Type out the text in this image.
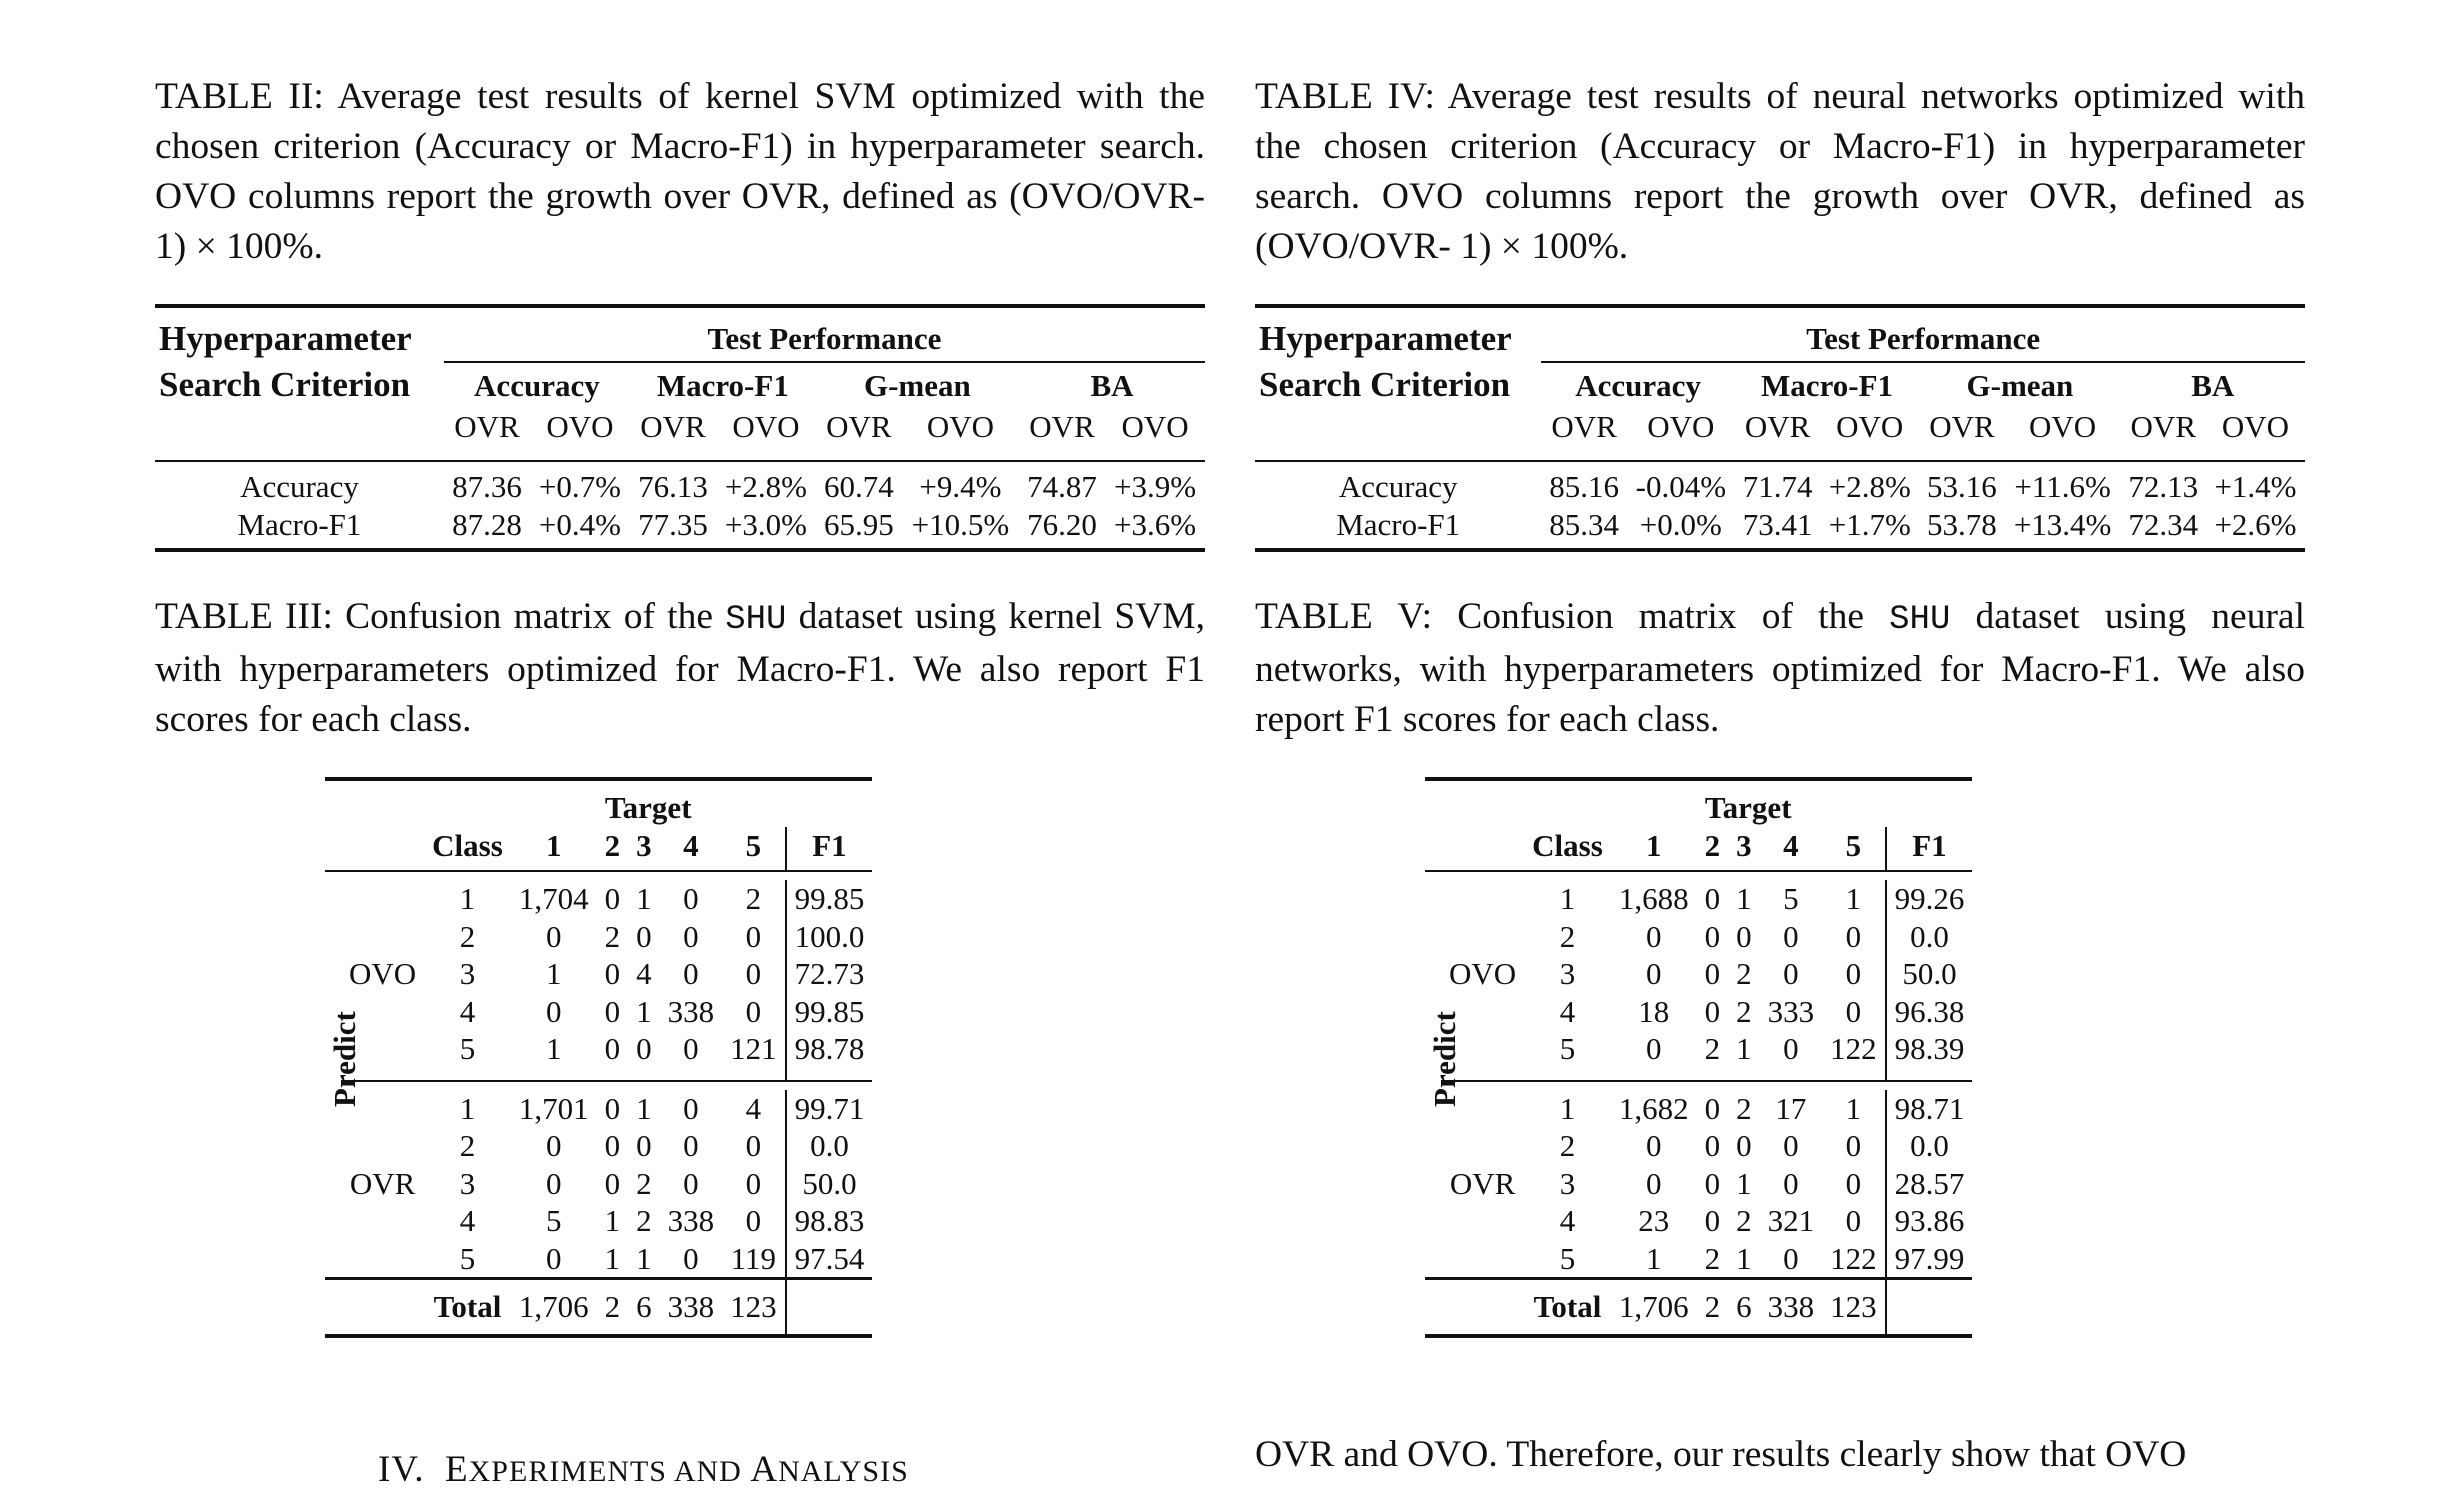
TABLE II: Average test results of kernel SVM optimized with the chosen criterion (Accuracy or Macro-F1) in hyperparameter search. OVO columns report the growth over OVR, defined as (OVO/OVR- 1) × 100%.

Hyperparameter	Test Performance							
Search Criterion	Accuracy		Macro-F1		G-mean		BA	
	OVR	OVO	OVR	OVO	OVR	OVO	OVR	OVO

Accuracy	87.36	+0.7%	76.13	+2.8%	60.74	+9.4%	74.87	+3.9%
Macro-F1	87.28	+0.4%	77.35	+3.0%	65.95	+10.5%	76.20	+3.6%

TABLE III: Confusion matrix of the SHU dataset using kernel SVM, with hyperparameters optimized for Macro-F1. We also report F1 scores for each class.

Predict

			Target					
		Class	1	2	3	4	5	F1

		1	1,704	0	1	0	2	99.85
		2	0	2	0	0	0	100.0
	OVO	3	1	0	4	0	0	72.73
		4	0	0	1	338	0	99.85
		5	1	0	0	0	121	98.78

		1	1,701	0	1	0	4	99.71
		2	0	0	0	0	0	0.0
	OVR	3	0	0	2	0	0	50.0
		4	5	1	2	338	0	98.83
		5	0	1	1	0	119	97.54
		Total	1,706	2	6	338	123	

TABLE IV: Average test results of neural networks optimized with the chosen criterion (Accuracy or Macro-F1) in hyperparameter search. OVO columns report the growth over OVR, defined as (OVO/OVR- 1) × 100%.

Hyperparameter	Test Performance							
Search Criterion	Accuracy		Macro-F1		G-mean		BA	
	OVR	OVO	OVR	OVO	OVR	OVO	OVR	OVO

Accuracy	85.16	-0.04%	71.74	+2.8%	53.16	+11.6%	72.13	+1.4%
Macro-F1	85.34	+0.0%	73.41	+1.7%	53.78	+13.4%	72.34	+2.6%

TABLE V: Confusion matrix of the SHU dataset using neural networks, with hyperparameters optimized for Macro-F1. We also report F1 scores for each class.

Predict

			Target					
		Class	1	2	3	4	5	F1

		1	1,688	0	1	5	1	99.26
		2	0	0	0	0	0	0.0
	OVO	3	0	0	2	0	0	50.0
		4	18	0	2	333	0	96.38
		5	0	2	1	0	122	98.39

		1	1,682	0	2	17	1	98.71
		2	0	0	0	0	0	0.0
	OVR	3	0	0	1	0	0	28.57
		4	23	0	2	321	0	93.86
		5	1	2	1	0	122	97.99
		Total	1,706	2	6	338	123	
IV. EXPERIMENTS AND ANALYSIS	OVR and OVO. Therefore, our results clearly show that OVO
